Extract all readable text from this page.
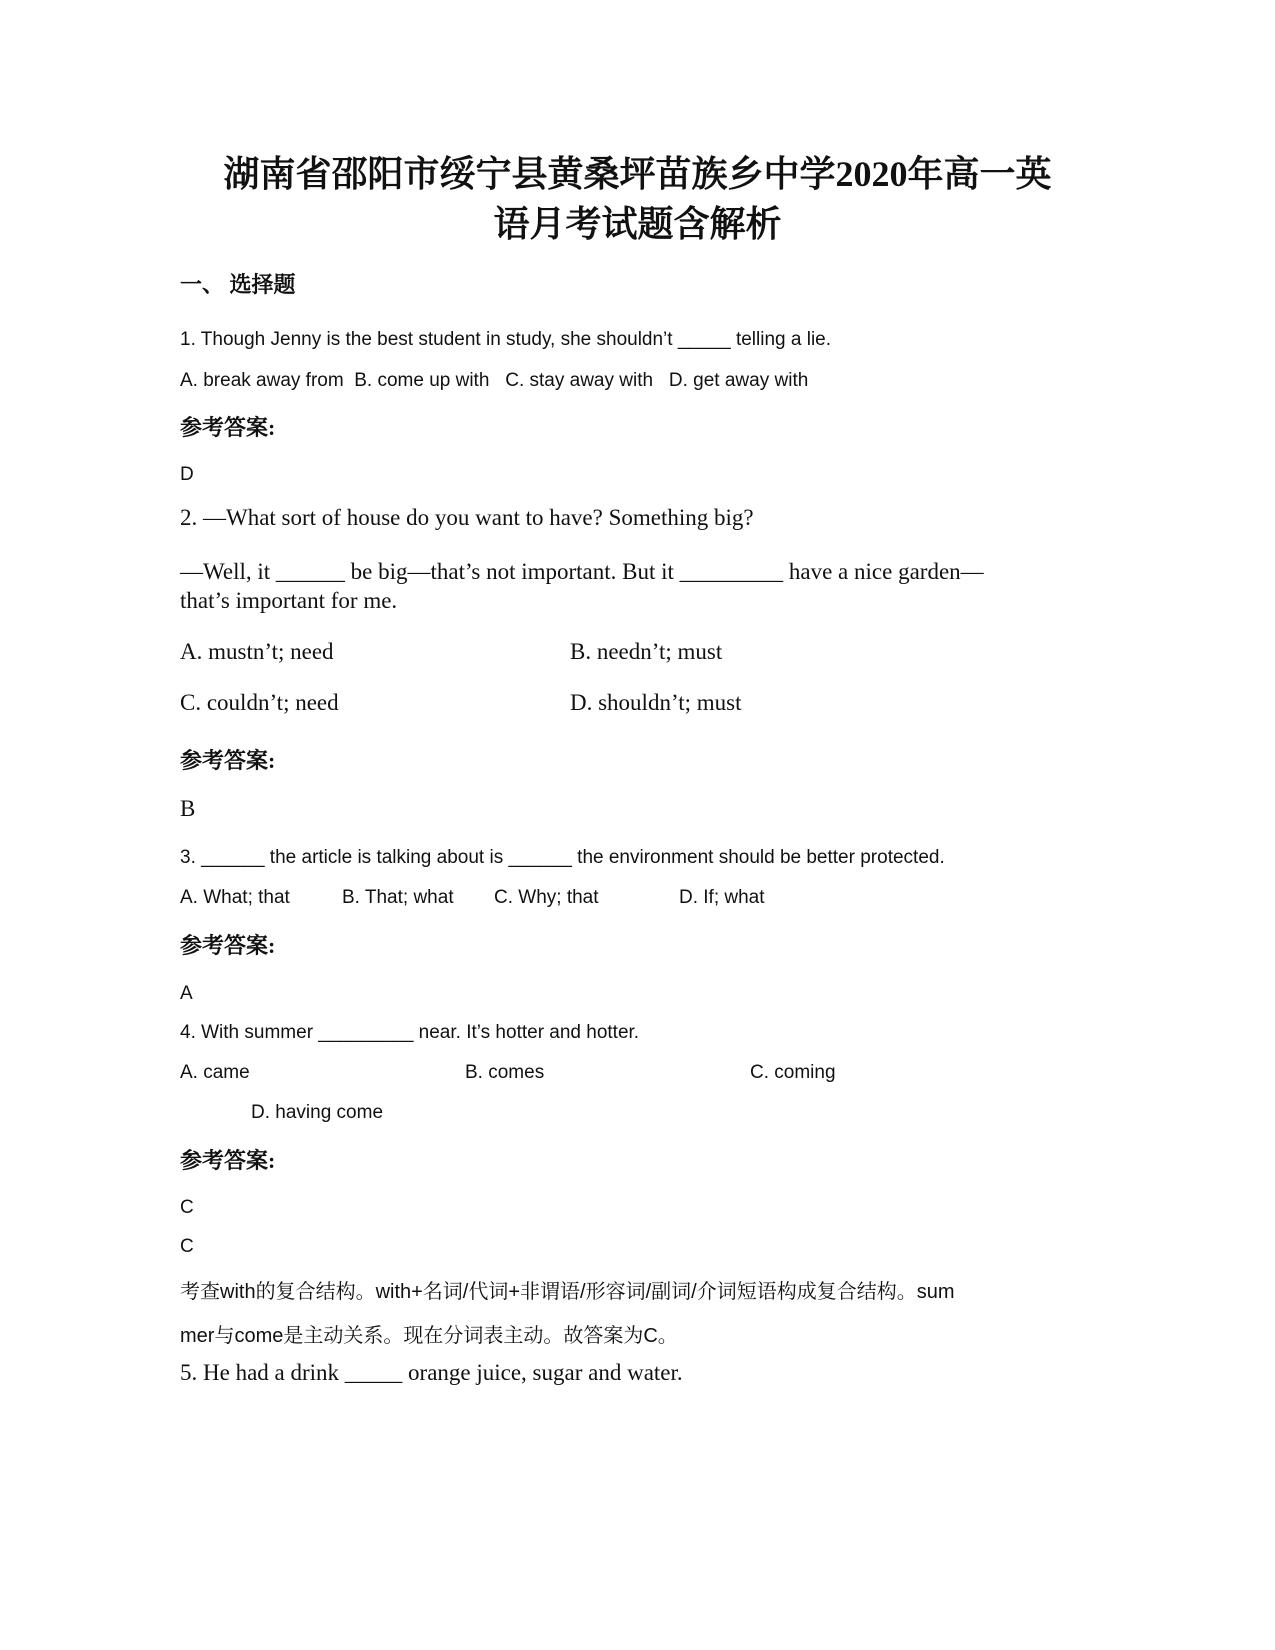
湖南省邵阳市绥宁县黄桑坪苗族乡中学2020年高一英
语月考试题含解析
一、 选择题
1. Though Jenny is the best student in study, she shouldn’t _____ telling a lie.
A. break away from  B. come up with   C. stay away with   D. get away with
参考答案:
D
2. —What sort of house do you want to have? Something big?
—Well, it ______ be big—that’s not important. But it _________ have a nice garden—
that’s important for me.
A. mustn’t; need	B. needn’t; must
C. couldn’t; need	D. shouldn’t; must
参考答案:
B
3. ______ the article is talking about is ______ the environment should be better protected.
A. What; that	B. That; what C. Why; that	D. If; what
参考答案:
A
4. With summer _________ near. It’s hotter and hotter.
A. came	B. comes	C. coming
D. having come
参考答案:
C
C
考查with的复合结构。with+名词/代词+非谓语/形容词/副词/介词短语构成复合结构。sum
mer与come是主动关系。现在分词表主动。故答案为C。
5. He had a drink _____ orange juice, sugar and water.
